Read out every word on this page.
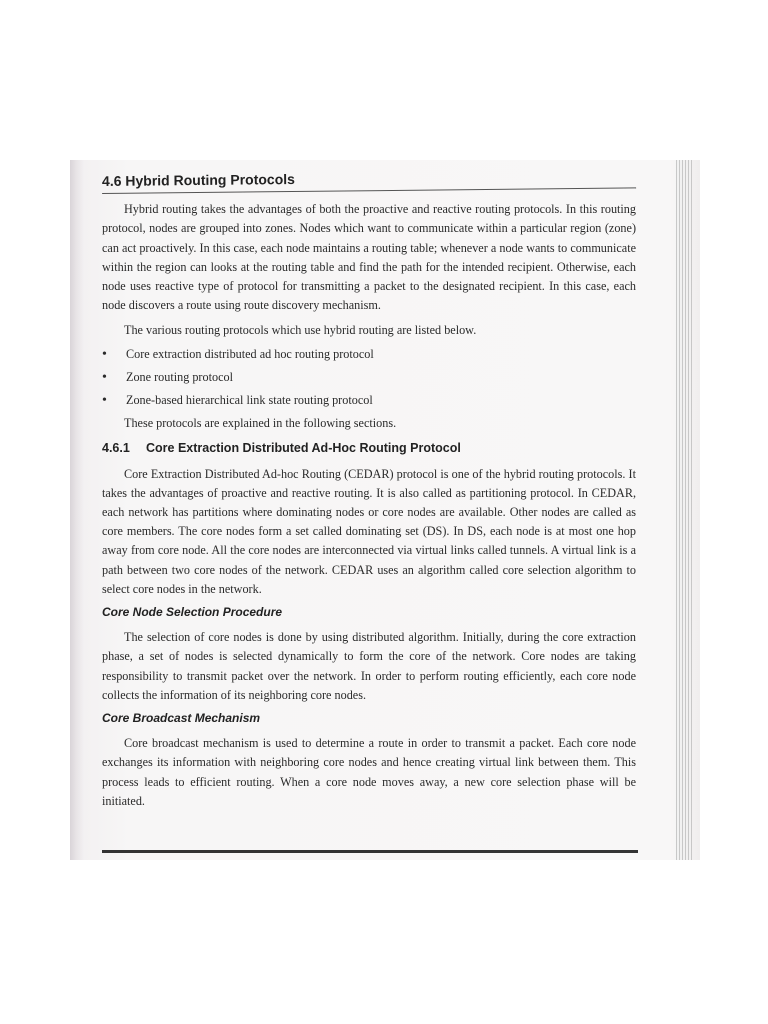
4.6 Hybrid Routing Protocols

Hybrid routing takes the advantages of both the proactive and reactive routing protocols. In this routing protocol, nodes are grouped into zones. Nodes which want to communicate within a particular region (zone) can act proactively. In this case, each node maintains a routing table; whenever a node wants to communicate within the region can looks at the routing table and find the path for the intended recipient. Otherwise, each node uses reactive type of protocol for transmitting a packet to the designated recipient. In this case, each node discovers a route using route discovery mechanism.

The various routing protocols which use hybrid routing are listed below.

• Core extraction distributed ad hoc routing protocol
• Zone routing protocol
• Zone-based hierarchical link state routing protocol

These protocols are explained in the following sections.

4.6.1 Core Extraction Distributed Ad-Hoc Routing Protocol

Core Extraction Distributed Ad-hoc Routing (CEDAR) protocol is one of the hybrid routing protocols. It takes the advantages of proactive and reactive routing. It is also called as partitioning protocol. In CEDAR, each network has partitions where dominating nodes or core nodes are available. Other nodes are called as core members. The core nodes form a set called dominating set (DS). In DS, each node is at most one hop away from core node. All the core nodes are interconnected via virtual links called tunnels. A virtual link is a path between two core nodes of the network. CEDAR uses an algorithm called core selection algorithm to select core nodes in the network.

Core Node Selection Procedure

The selection of core nodes is done by using distributed algorithm. Initially, during the core extraction phase, a set of nodes is selected dynamically to form the core of the network. Core nodes are taking responsibility to transmit packet over the network. In order to perform routing efficiently, each core node collects the information of its neighboring core nodes.

Core Broadcast Mechanism

Core broadcast mechanism is used to determine a route in order to transmit a packet. Each core node exchanges its information with neighboring core nodes and hence creating virtual link between them. This process leads to efficient routing. When a core node moves away, a new core selection phase will be initiated.
